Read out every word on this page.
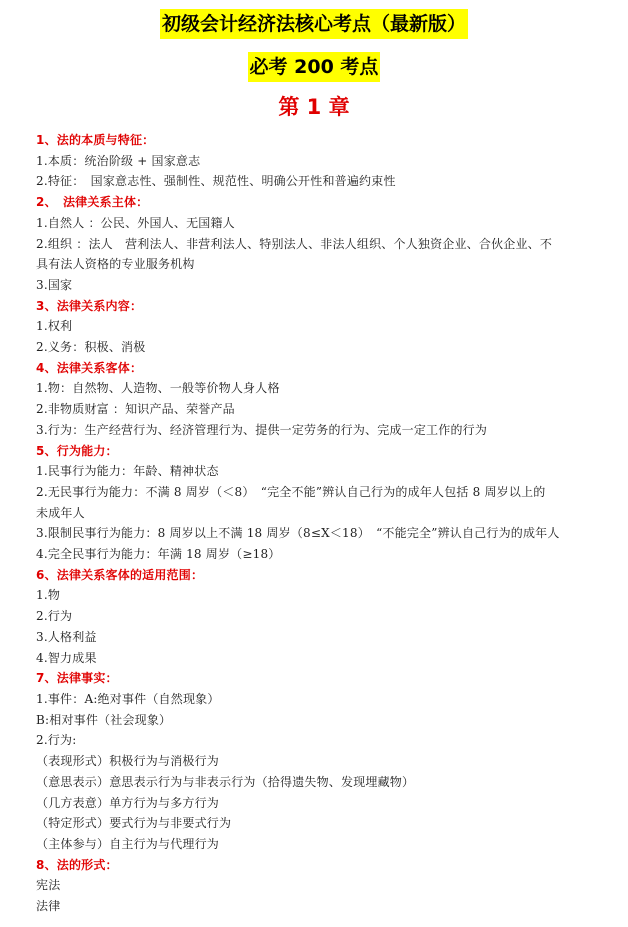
初级会计经济法核心考点（最新版）
必考 200 考点
第 1 章
1、法的本质与特征：
1.本质：统治阶级 + 国家意志
2.特征：　国家意志性、强制性、规范性、明确公开性和普遍约束性
2、　法律关系主体：
1.自然人 ：公民、外国人、无国籍人
2.组织 ：法人　营利法人、非营利法人、特别法人、非法人组织、个人独资企业、合伙企业、不
具有法人资格的专业服务机构
3.国家
3、法律关系内容：
1.权利
2.义务：积极、消极
4、法律关系客体：
1.物：自然物、人造物、一般等价物人身人格
2.非物质财富 ：知识产品、荣誉产品
3.行为：生产经营行为、经济管理行为、提供一定劳务的行为、完成一定工作的行为
5、行为能力：
1.民事行为能力：年龄、精神状态
2.无民事行为能力：不满 8 周岁（＜8）　“完全不能”辨认自己行为的成年人包括 8 周岁以上的
未成年人
3.限制民事行为能力：8 周岁以上不满 18 周岁（8≤X＜18）　“不能完全”辨认自己行为的成年人
4.完全民事行为能力：年满 18 周岁（≥18）
6、法律关系客体的适用范围：
1.物
2.行为
3.人格利益
4.智力成果
7、法律事实：
1.事件：A:绝对事件（自然现象）
B:相对事件（社会现象）
2.行为:
（表现形式）积极行为与消极行为
（意思表示）意思表示行为与非表示行为（拾得遗失物、发现埋藏物）
（几方表意）单方行为与多方行为
（特定形式）要式行为与非要式行为
（主体参与）自主行为与代理行为
8、法的形式：
宪法
法律
